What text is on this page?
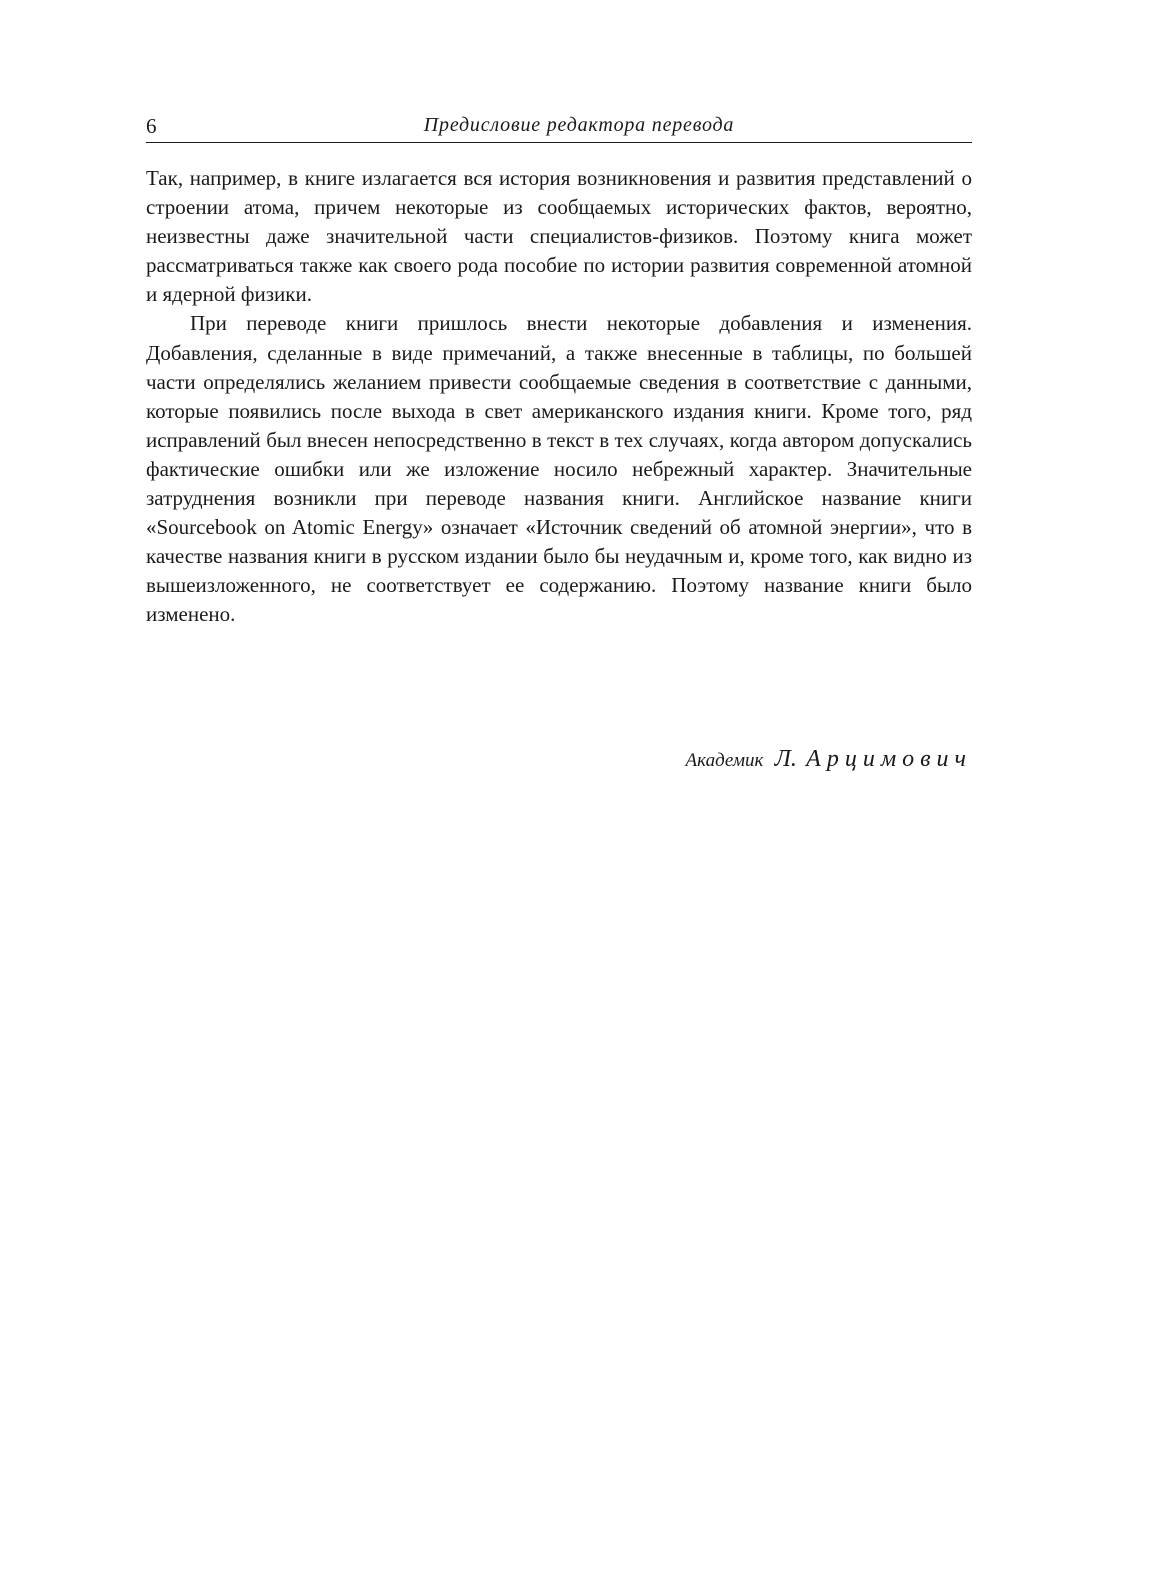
6	Предисловие редактора перевода

Так, например, в книге излагается вся история возникновения и развития представлений о строении атома, причем некоторые из сообщаемых исторических фактов, вероятно, неизвестны даже значительной части специалистов-физиков. Поэтому книга может рассматриваться также как своего рода пособие по истории развития современной атомной и ядерной физики.

При переводе книги пришлось внести некоторые добавления и изменения. Добавления, сделанные в виде примечаний, а также внесенные в таблицы, по большей части определялись желанием привести сообщаемые сведения в соответствие с данными, которые появились после выхода в свет американского издания книги. Кроме того, ряд исправлений был внесен непосредственно в текст в тех случаях, когда автором допускались фактические ошибки или же изложение носило небрежный характер. Значительные затруднения возникли при переводе названия книги. Английское название книги «Sourcebook on Atomic Energy» означает «Источник сведений об атомной энергии», что в качестве названия книги в русском издании было бы неудачным и, кроме того, как видно из вышеизложенного, не соответствует ее содержанию. Поэтому название книги было изменено.

Академик Л. Арцимович
